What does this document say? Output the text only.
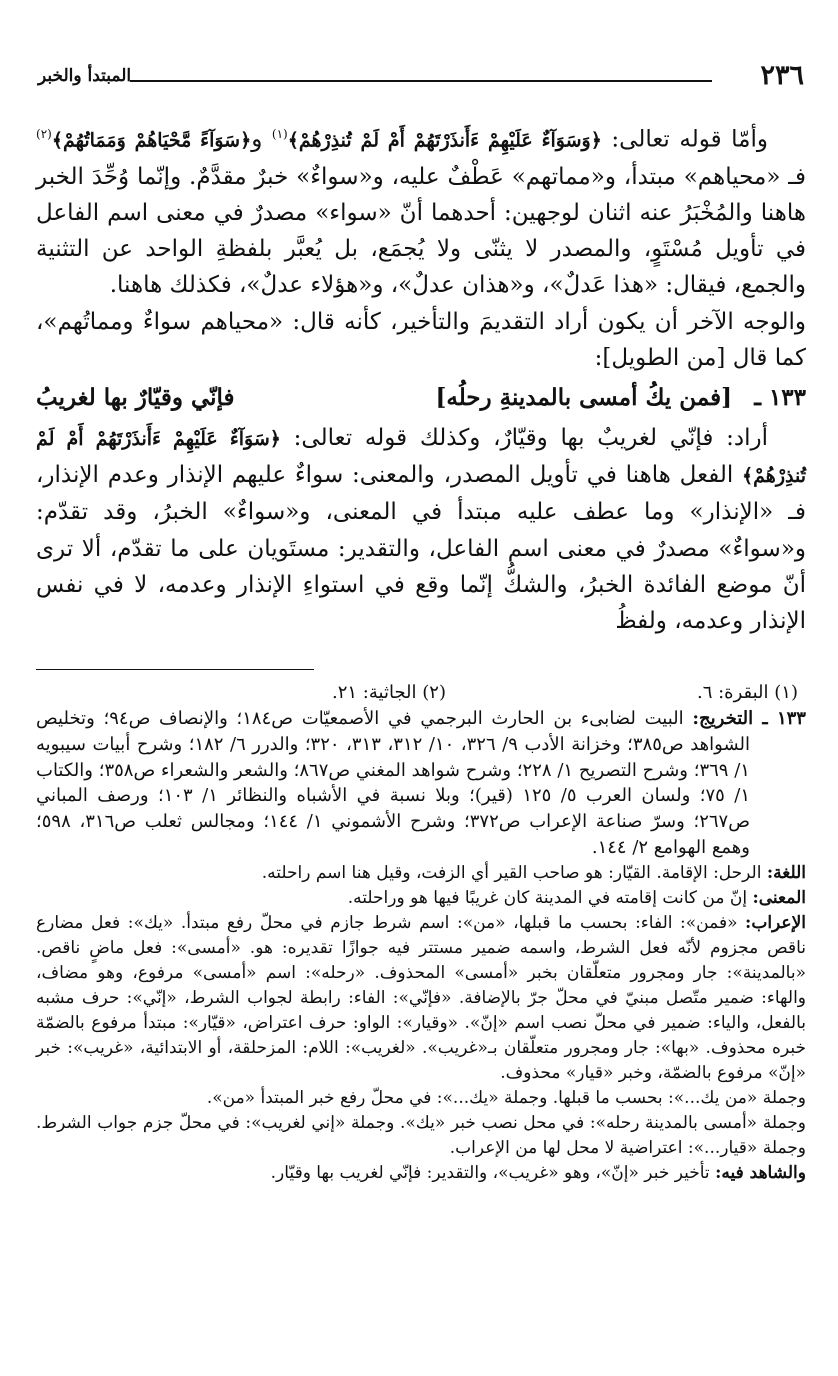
٢٣٦
المبتدأ والخبر

وأمّا قوله تعالى: ﴿وَسَوَآءٌ عَلَيْهِمْ ءَأَنذَرْتَهُمْ أَمْ لَمْ تُنذِرْهُمْ﴾$^{(١)}$ و﴿سَوَآءً مَّحْيَاهُمْ وَمَمَاتُهُمْ﴾$^{(٢)}$ فـ «محياهم» مبتدأ، و«مماتهم» عَطْفٌ عليه، و«سواءٌ» خبرٌ مقدَّمٌ. وإنّما وُحِّدَ الخبر هاهنا والمُخْبَرُ عنه اثنان لوجهين: أحدهما أنّ «سواء» مصدرٌ في معنى اسم الفاعل في تأويل مُسْتَوٍ، والمصدر لا يثنّى ولا يُجمَع، بل يُعبَّر بلفظةِ الواحد عن التثنية والجمع، فيقال: «هذا عَدلٌ»، و«هذان عدلٌ»، و«هؤلاء عدلٌ»، فكذلك هاهنا.

والوجه الآخر أن يكون أراد التقديمَ والتأخير، كأنه قال: «محياهم سواءٌ ومماتُهم»، كما قال [من الطويل]:

١٣٣ ـ
[فمن يكُ أمسى بالمدينةِ رحلُه]
فإنّي وقيّارٌ بها لغريبُ

أراد: فإنّي لغريبٌ بها وقيّارٌ، وكذلك قوله تعالى: ﴿سَوَآءٌ عَلَيْهِمْ ءَأَنذَرْتَهُمْ أَمْ لَمْ تُنذِرْهُمْ﴾ الفعل هاهنا في تأويل المصدر، والمعنى: سواءٌ عليهم الإنذار وعدم الإنذار، فـ «الإنذار» وما عطف عليه مبتدأ في المعنى، و«سواءٌ» الخبرُ، وقد تقدّم: و«سواءٌ» مصدرٌ في معنى اسم الفاعل، والتقدير: مستَويان على ما تقدّم، ألا ترى أنّ موضع الفائدة الخبرُ، والشكُّ إنّما وقع في استواءِ الإنذار وعدمه، لا في نفس الإنذار وعدمه، ولفظُ

(١) البقرة: ٦.
(٢) الجاثية: ٢١.

١٣٣ ـ التخريج: البيت لضابىء بن الحارث البرجمي في الأصمعيّات ص١٨٤؛ والإنصاف ص٩٤؛ وتخليص الشواهد ص٣٨٥؛ وخزانة الأدب ٩/ ٣٢٦، ١٠/ ٣١٢، ٣١٣، ٣٢٠؛ والدرر ٦/ ١٨٢؛ وشرح أبيات سيبويه ١/ ٣٦٩؛ وشرح التصريح ١/ ٢٢٨؛ وشرح شواهد المغني ص٨٦٧؛ والشعر والشعراء ص٣٥٨؛ والكتاب ١/ ٧٥؛ ولسان العرب ٥/ ١٢٥ (قير)؛ وبلا نسبة في الأشباه والنظائر ١/ ١٠٣؛ ورصف المباني ص٢٦٧؛ وسرّ صناعة الإعراب ص٣٧٢؛ وشرح الأشموني ١/ ١٤٤؛ ومجالس ثعلب ص٣١٦، ٥٩٨؛ وهمع الهوامع ٢/ ١٤٤.

اللغة: الرحل: الإقامة. القيّار: هو صاحب القير أي الزفت، وقيل هنا اسم راحلته.

المعنى: إنّ من كانت إقامته في المدينة كان غريبًا فيها هو وراحلته.

الإعراب: «فمن»: الفاء: بحسب ما قبلها، «من»: اسم شرط جازم في محلّ رفع مبتدأ. «يك»: فعل مضارع ناقص مجزوم لأنّه فعل الشرط، واسمه ضمير مستتر فيه جوازًا تقديره: هو. «أمسى»: فعل ماضٍ ناقص. «بالمدينة»: جار ومجرور متعلّقان بخبر «أمسى» المحذوف. «رحله»: اسم «أمسى» مرفوع، وهو مضاف، والهاء: ضمير متّصل مبنيّ في محلّ جرّ بالإضافة. «فإنّي»: الفاء: رابطة لجواب الشرط، «إنّي»: حرف مشبه بالفعل، والياء: ضمير في محلّ نصب اسم «إنّ». «وقيار»: الواو: حرف اعتراض، «قيّار»: مبتدأ مرفوع بالضمّة خبره محذوف. «بها»: جار ومجرور متعلّقان بـ«غريب». «لغريب»: اللام: المزحلقة، أو الابتدائية، «غريب»: خبر «إنّ» مرفوع بالضمّة، وخبر «قيار» محذوف.

وجملة «من يك...»: بحسب ما قبلها. وجملة «يك...»: في محلّ رفع خبر المبتدأ «من».

وجملة «أمسى بالمدينة رحله»: في محل نصب خبر «يك». وجملة «إني لغريب»: في محلّ جزم جواب الشرط. وجملة «قيار...»: اعتراضية لا محل لها من الإعراب.

والشاهد فيه: تأخير خبر «إنّ»، وهو «غريب»، والتقدير: فإنّي لغريب بها وقيّار.
